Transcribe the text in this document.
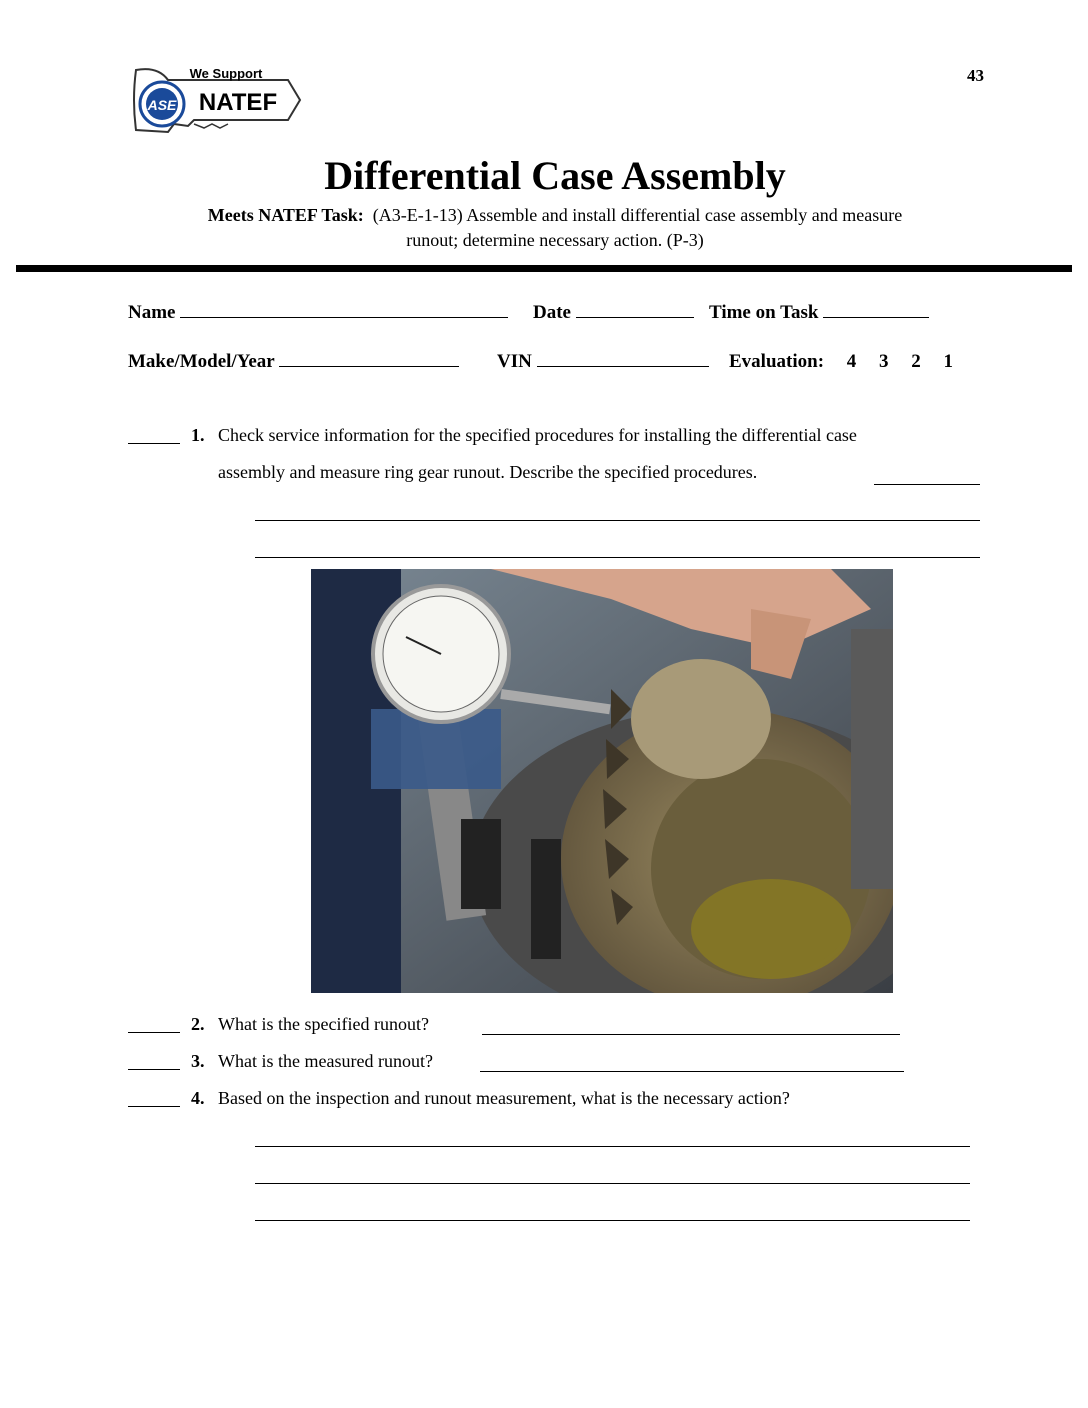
ASE
We Support
NATEF
43
Differential Case Assembly
Meets NATEF Task: (A3-E-1-13) Assemble and install differential case assembly and measure
runout; determine necessary action. (P-3)
Name	Date	Time on Task
Make/Model/Year	VIN	Evaluation: 4 3 2 1
1. Check service information for the specified procedures for installing the differential case
assembly and measure ring gear runout. Describe the specified procedures.
2. What is the specified runout?
3. What is the measured runout?
4. Based on the inspection and runout measurement, what is the necessary action?
